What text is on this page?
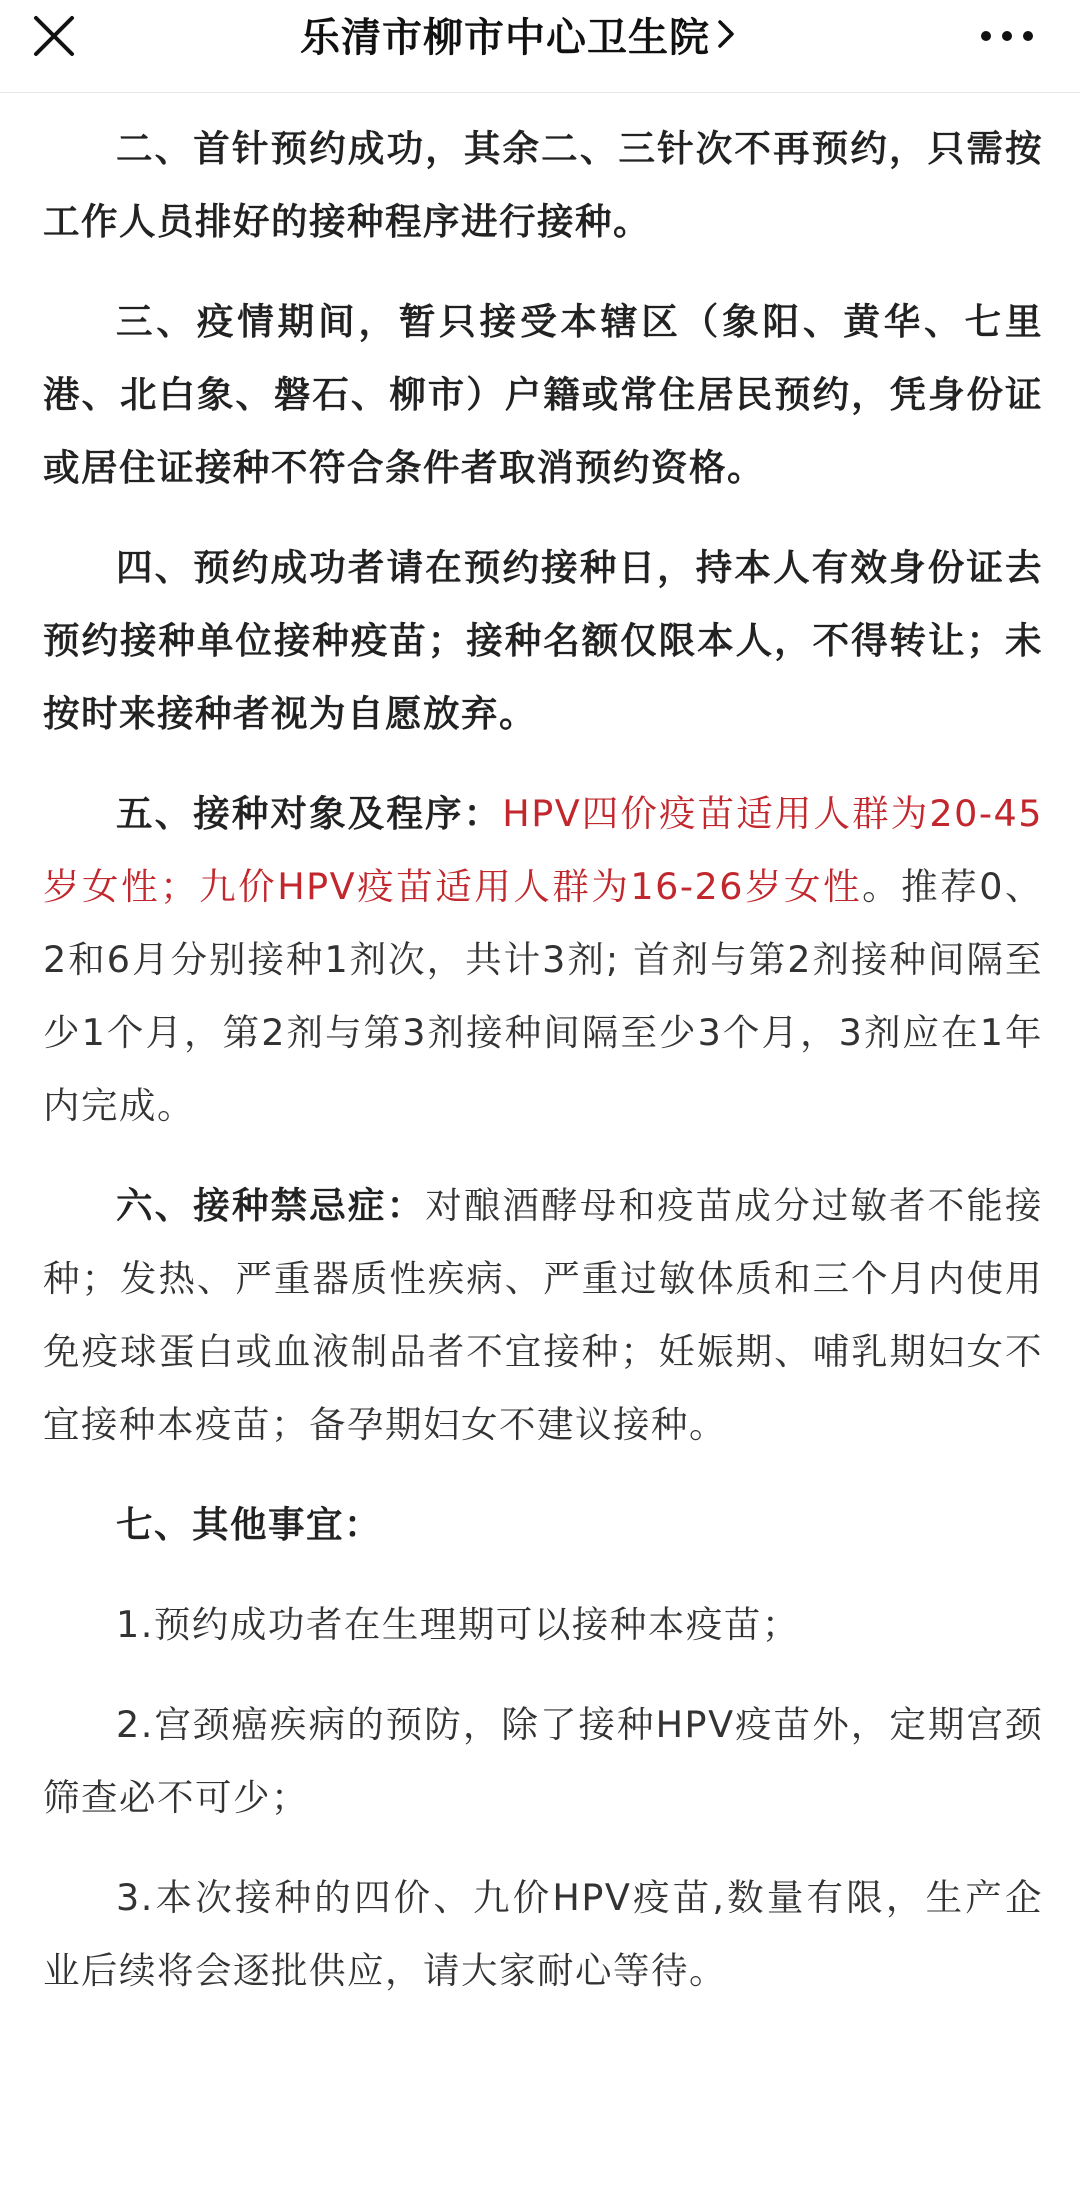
乐清市柳市中心卫生院

二、首针预约成功，其余二、三针次不再预约，只需按工作人员排好的接种程序进行接种。

三、疫情期间，暂只接受本辖区（象阳、黄华、七里港、北白象、磐石、柳市）户籍或常住居民预约，凭身份证或居住证接种不符合条件者取消预约资格。

四、预约成功者请在预约接种日，持本人有效身份证去预约接种单位接种疫苗；接种名额仅限本人，不得转让；未按时来接种者视为自愿放弃。

五、接种对象及程序：HPV四价疫苗适用人群为20-45岁女性；九价HPV疫苗适用人群为16-26岁女性。推荐0、2和6月分别接种1剂次，共计3剂; 首剂与第2剂接种间隔至少1个月，第2剂与第3剂接种间隔至少3个月，3剂应在1年内完成。

六、接种禁忌症：对酿酒酵母和疫苗成分过敏者不能接种；发热、严重器质性疾病、严重过敏体质和三个月内使用免疫球蛋白或血液制品者不宜接种；妊娠期、哺乳期妇女不宜接种本疫苗；备孕期妇女不建议接种。

七、其他事宜：

1.预约成功者在生理期可以接种本疫苗；

2.宫颈癌疾病的预防，除了接种HPV疫苗外，定期宫颈筛查必不可少；

3.本次接种的四价、九价HPV疫苗,数量有限，生产企业后续将会逐批供应，请大家耐心等待。
